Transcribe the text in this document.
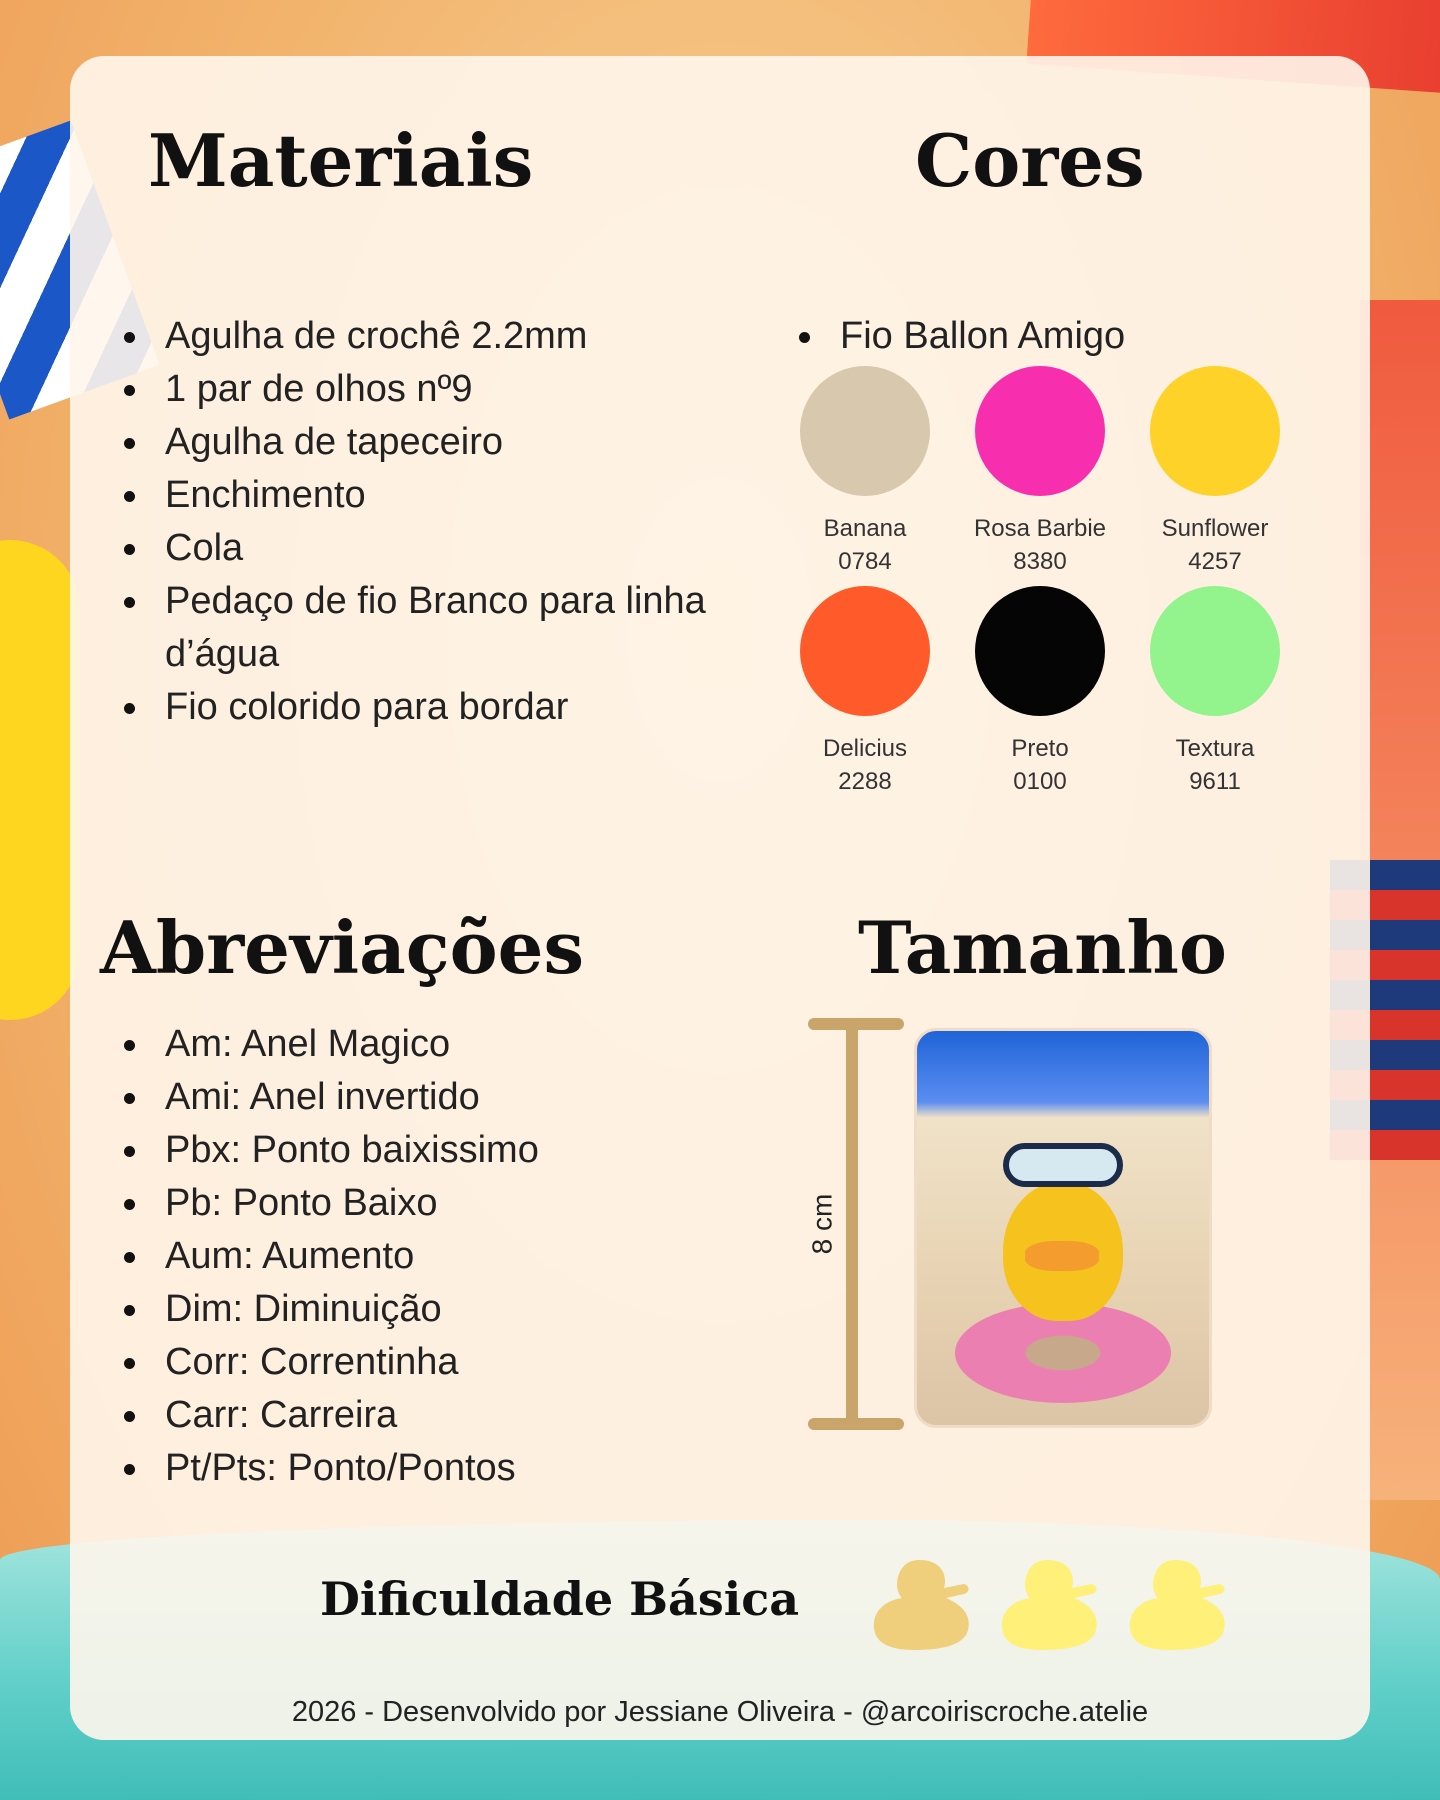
Materiais
Agulha de crochê 2.2mm
1 par de olhos nº9
Agulha de tapeceiro
Enchimento
Cola
Pedaço de fio Branco para linha d’água
Fio colorido para bordar
Cores
Fio Ballon Amigo
Banana
0784
Rosa Barbie
8380
Sunflower
4257
Delicius
2288
Preto
0100
Textura
9611
Abreviações
Am: Anel Magico
Ami: Anel invertido
Pbx: Ponto baixissimo
Pb: Ponto Baixo
Aum: Aumento
Dim: Diminuição
Corr: Correntinha
Carr: Carreira
Pt/Pts: Ponto/Pontos
Tamanho
8 cm
Dificuldade Básica
2026 - Desenvolvido por Jessiane Oliveira - @arcoiriscroche.atelie
